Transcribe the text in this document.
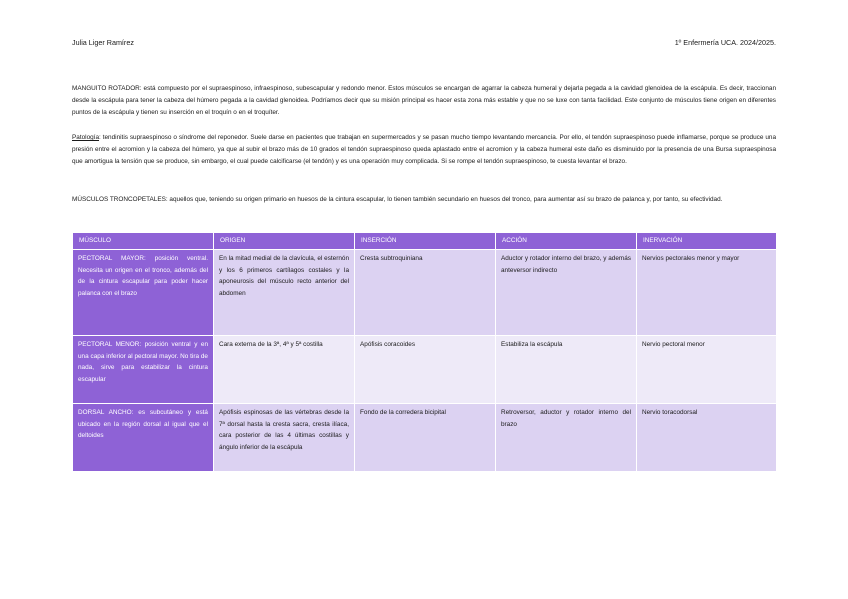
Julia Liger Ramírez	1º Enfermería UCA. 2024/2025.
MANGUITO ROTADOR: está compuesto por el supraespinoso, infraespinoso, subescapular y redondo menor. Estos músculos se encargan de agarrar la cabeza humeral y dejarla pegada a la cavidad glenoidea de la escápula. Es decir, traccionan desde la escápula para tener la cabeza del húmero pegada a la cavidad glenoidea. Podríamos decir que su misión principal es hacer esta zona más estable y que no se luxe con tanta facilidad. Este conjunto de músculos tiene origen en diferentes puntos de la escápula y tienen su inserción en el troquín o en el troquíter.
Patología: tendinitis supraespinoso o síndrome del reponedor. Suele darse en pacientes que trabajan en supermercados y se pasan mucho tiempo levantando mercancía. Por ello, el tendón supraespinoso puede inflamarse, porque se produce una presión entre el acromion y la cabeza del húmero, ya que al subir el brazo más de 10 grados el tendón supraespinoso queda aplastado entre el acromion y la cabeza humeral este daño es disminuido por la presencia de una Bursa supraespinosa que amortigua la tensión que se produce, sin embargo, el cual puede calcificarse (el tendón) y es una operación muy complicada. Si se rompe el tendón supraespinoso, te cuesta levantar el brazo.
MÚSCULOS TRONCOPETALES: aquellos que, teniendo su origen primario en huesos de la cintura escapular, lo tienen también secundario en huesos del tronco, para aumentar así su brazo de palanca y, por tanto, su efectividad.
MÚSCULO	ORIGEN	INSERCIÓN	ACCIÓN	INERVACIÓN
PECTORAL MAYOR: posición ventral. Necesita un origen en el tronco, además del de la cintura escapular para poder hacer palanca con el brazo	En la mitad medial de la clavícula, el esternón y los 6 primeros cartílagos costales y la aponeurosis del músculo recto anterior del abdomen	Cresta subtroquiniana	Aductor y rotador interno del brazo, y además anteversor indirecto	Nervios pectorales menor y mayor
PECTORAL MENOR: posición ventral y en una capa inferior al pectoral mayor. No tira de nada, sirve para estabilizar la cintura escapular	Cara externa de la 3ª, 4ª y 5ª costilla	Apófisis coracoides	Estabiliza la escápula	Nervio pectoral menor
DORSAL ANCHO: es subcutáneo y está ubicado en la región dorsal al igual que el deltoides	Apófisis espinosas de las vértebras desde la 7ª dorsal hasta la cresta sacra, cresta ilíaca, cara posterior de las 4 últimas costillas y ángulo inferior de la escápula	Fondo de la corredera bicipital	Retroversor, aductor y rotador interno del brazo	Nervio toracodorsal
